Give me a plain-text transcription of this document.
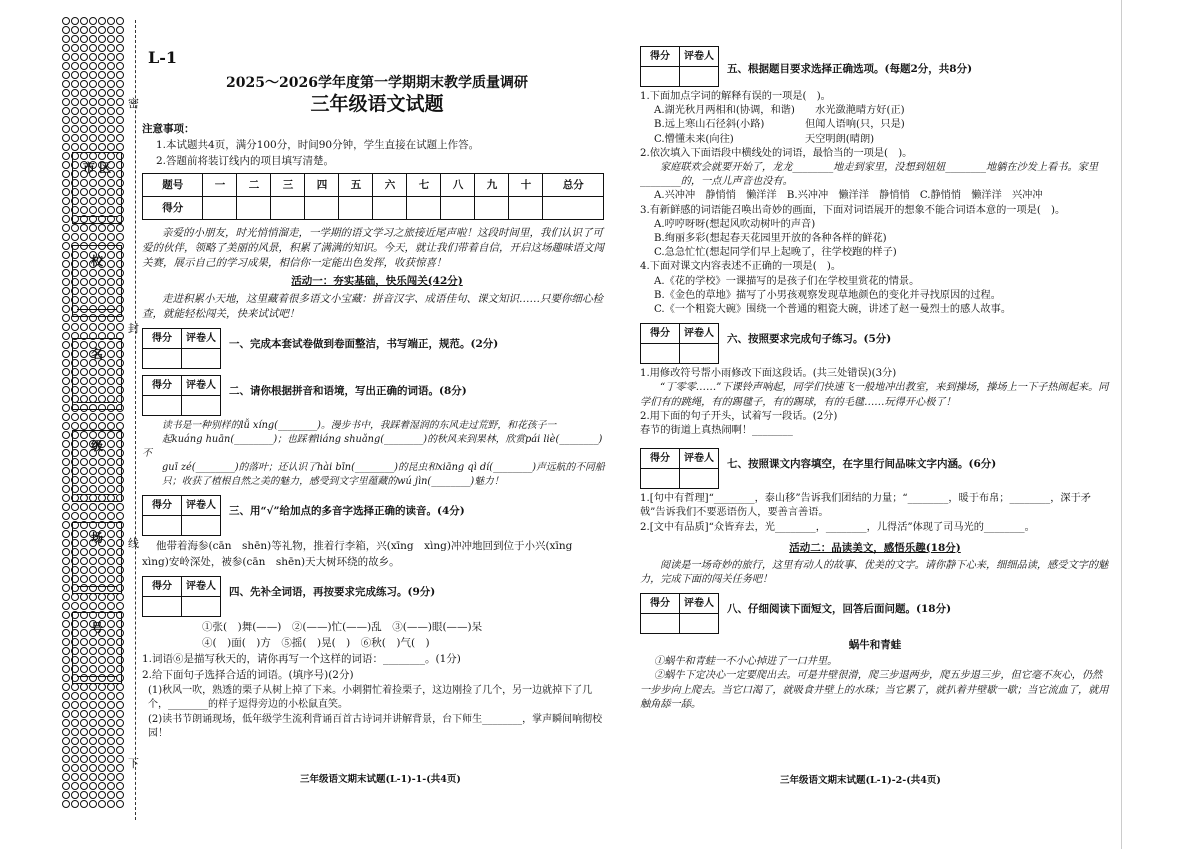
密
封
线
下
市 区
校
名
级
场
号
L-1
2025～2026学年度第一学期期末教学质量调研
三年级语文试题
注意事项：
1.本试题共4页，满分100分，时间90分钟，学生直接在试题上作答。
2.答题前将装订线内的项目填写清楚。
题号	一	二	三	四	五	六	七	八	九	十	总分
得分											
亲爱的小朋友，时光悄悄溜走，一学期的语文学习之旅接近尾声啦！这段时间里，我们认识了可爱的伙伴，领略了美丽的风景，积累了满满的知识。今天，就让我们带着自信，开启这场趣味语文闯关赛，展示自己的学习成果，相信你一定能出色发挥，收获惊喜！
活动一：夯实基础，快乐闯关(42分)
走进积累小天地，这里藏着很多语文小宝藏：拼音汉字、成语佳句、课文知识……只要你细心检查，就能轻松闯关，快来试试吧！
得分	评卷人
	一、完成本套试卷做到卷面整洁，书写端正，规范。(2分)
得分	评卷人
	二、请你根据拼音和语境，写出正确的词语。(8分)
读书是一种别样的lǚ xíng(________)。漫步书中，我踩着湿润的东风走过荒野，和花孩子一
起kuáng huān(________)；也踩着liáng shuǎng(________)的秋风来到果林，欣赏pái liè(________)不
guī zé(________)的落叶；还认识了hài bīn(________)的昆虫和xiāng qì dí(________)声远航的不同船
只；收获了植根自然之美的魅力，感受到文字里蕴藏的wú jìn(________)魅力！
得分	评卷人
	三、用“√”给加点的多音字选择正确的读音。(4分)
他带着海参(cān　shēn)等礼物，推着行李箱，兴(xīng　xìng)冲冲地回到位于小兴(xīng
xìng)安岭深处，被参(cān　shēn)天大树环绕的故乡。
得分	评卷人
	四、先补全词语，再按要求完成练习。(9分)
①张(　)舞(——)　②(——)忙(——)乱　③(——)眼(——)呆
④(　)面(　)方　⑤摇(　)晃(　)　⑥秋(　)气(　)
1.词语⑥是描写秋天的，请你再写一个这样的词语：________。(1分)
2.给下面句子选择合适的词语。(填序号)(2分)
(1)秋风一吹，熟透的栗子从树上掉了下来。小刺猬忙着捡栗子，这边刚捡了几个，另一边就掉下了几个，________的样子逗得旁边的小松鼠直笑。
(2)读书节朗诵现场，低年级学生流利背诵百首古诗词并讲解背景，台下师生________，掌声瞬间响彻校园！
三年级语文期末试题(L-1)-1-(共4页)
得分	评卷人

五、根据题目要求选择正确选项。(每题2分，共8分)
1.下面加点字词的解释有误的一项是(　)。
A.湖光秋月两相和(协调，和谐)　　水光潋滟晴方好(正)
B.远上寒山石径斜(小路)　　　　但闻人语响(只，只是)
C.懵懂未来(向往)　　　　　　　天空明朗(晴朗)
2.依次填入下面语段中横线处的词语，最恰当的一项是(　)。
家庭联欢会就要开始了，龙龙________地走到家里，没想到妞妞________地躺在沙发上看书。家里________的，一点儿声音也没有。
A.兴冲冲　静悄悄　懒洋洋　B.兴冲冲　懒洋洋　静悄悄　C.静悄悄　懒洋洋　兴冲冲
3.有新鲜感的词语能召唤出奇妙的画面，下面对词语展开的想象不能合词语本意的一项是(　)。
A.哼哼呀呀(想起风吹动树叶的声音)
B.绚丽多彩(想起春天花园里开放的各种各样的鲜花)
C.急急忙忙(想起同学们早上起晚了，往学校跑的样子)
4.下面对课文内容表述不正确的一项是(　)。
A.《花的学校》一课描写的是孩子们在学校里赏花的情景。
B.《金色的草地》描写了小男孩观察发现草地颜色的变化并寻找原因的过程。
C.《一个粗瓷大碗》围绕一个普通的粗瓷大碗，讲述了赵一曼烈士的感人故事。
得分	评卷人
	六、按照要求完成句子练习。(5分)
1.用修改符号帮小雨修改下面这段话。(共三处错误)(3分)
“丁零零……”下课铃声响起，同学们快速飞一般地冲出教室，来到操场，操场上一下子热闹起来。同学们有的跳绳，有的踢毽子，有的踢球，有的毛毽……玩得开心极了！
2.用下面的句子开头，试着写一段话。(2分)
春节的街道上真热闹啊！________
得分	评卷人
	七、按照课文内容填空，在字里行间品味文字内涵。(6分)
1.[句中有哲理]“________，泰山移”告诉我们团结的力量；“________，暖于布帛；________，深于矛戟”告诉我们不要恶语伤人，要善言善语。
2.[文中有品质]“众皆弃去，光________，________，儿得活”体现了司马光的________。
活动二：品读美文，感悟乐趣(18分)
阅读是一场奇妙的旅行，这里有动人的故事、优美的文字。请你静下心来，细细品读，感受文字的魅力，完成下面的闯关任务吧！
得分	评卷人
	八、仔细阅读下面短文，回答后面问题。(18分)
蜗牛和青蛙
①蜗牛和青蛙一不小心掉进了一口井里。
②蜗牛下定决心一定要爬出去。可是井壁很滑，爬三步退两步，爬五步退三步，但它毫不灰心，仍然一步步向上爬去。当它口渴了，就吸食井壁上的水珠；当它累了，就扒着井壁歇一歇；当它流血了，就用触角舔一舔。
三年级语文期末试题(L-1)-2-(共4页)
